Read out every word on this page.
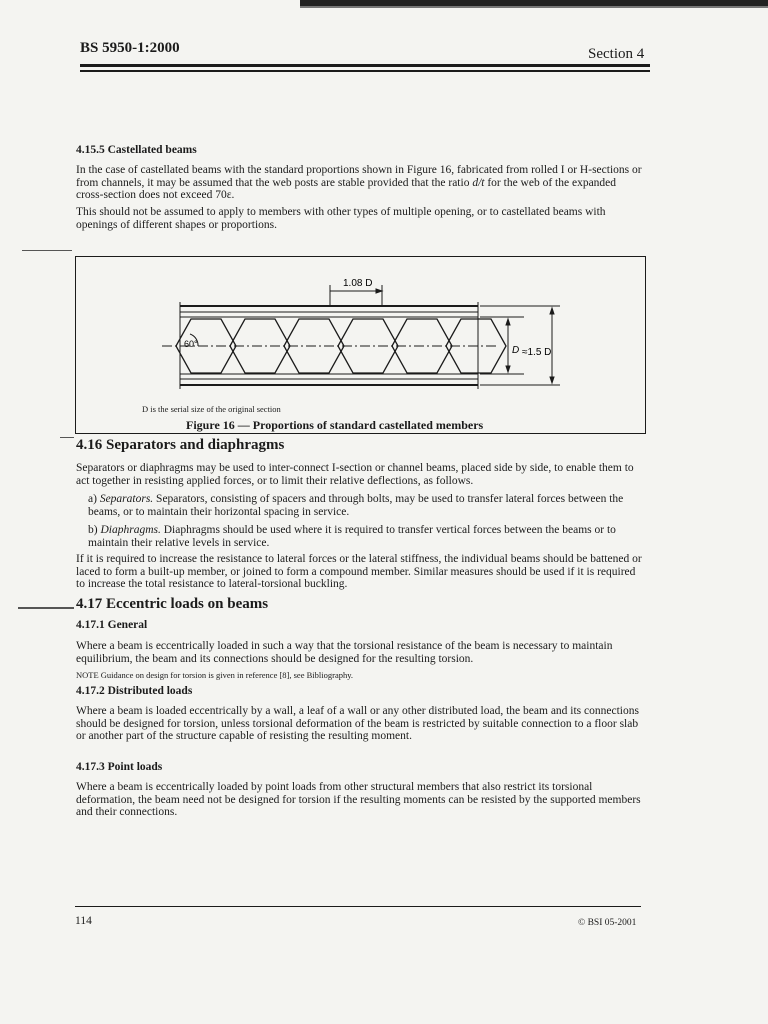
BS 5950-1:2000	Section 4
4.15.5 Castellated beams
In the case of castellated beams with the standard proportions shown in Figure 16, fabricated from rolled I or H-sections or from channels, it may be assumed that the web posts are stable provided that the ratio d/t for the web of the expanded cross-section does not exceed 70ε.
This should not be assumed to apply to members with other types of multiple opening, or to castellated beams with openings of different shapes or proportions.
1.08 D
60°
D ≈1.5 D
D is the serial size of the original section
Figure 16 — Proportions of standard castellated members
4.16 Separators and diaphragms
Separators or diaphragms may be used to inter-connect I-section or channel beams, placed side by side, to enable them to act together in resisting applied forces, or to limit their relative deflections, as follows.
a) Separators. Separators, consisting of spacers and through bolts, may be used to transfer lateral forces between the beams, or to maintain their horizontal spacing in service.
b) Diaphragms. Diaphragms should be used where it is required to transfer vertical forces between the beams or to maintain their relative levels in service.
If it is required to increase the resistance to lateral forces or the lateral stiffness, the individual beams should be battened or laced to form a built-up member, or joined to form a compound member. Similar measures should be used if it is required to increase the total resistance to lateral-torsional buckling.
4.17 Eccentric loads on beams
4.17.1 General
Where a beam is eccentrically loaded in such a way that the torsional resistance of the beam is necessary to maintain equilibrium, the beam and its connections should be designed for the resulting torsion.
NOTE Guidance on design for torsion is given in reference [8], see Bibliography.
4.17.2 Distributed loads
Where a beam is loaded eccentrically by a wall, a leaf of a wall or any other distributed load, the beam and its connections should be designed for torsion, unless torsional deformation of the beam is restricted by suitable connection to a floor slab or another part of the structure capable of resisting the resulting moment.
4.17.3 Point loads
Where a beam is eccentrically loaded by point loads from other structural members that also restrict its torsional deformation, the beam need not be designed for torsion if the resulting moments can be resisted by the supported members and their connections.
114	© BSI 05-2001
